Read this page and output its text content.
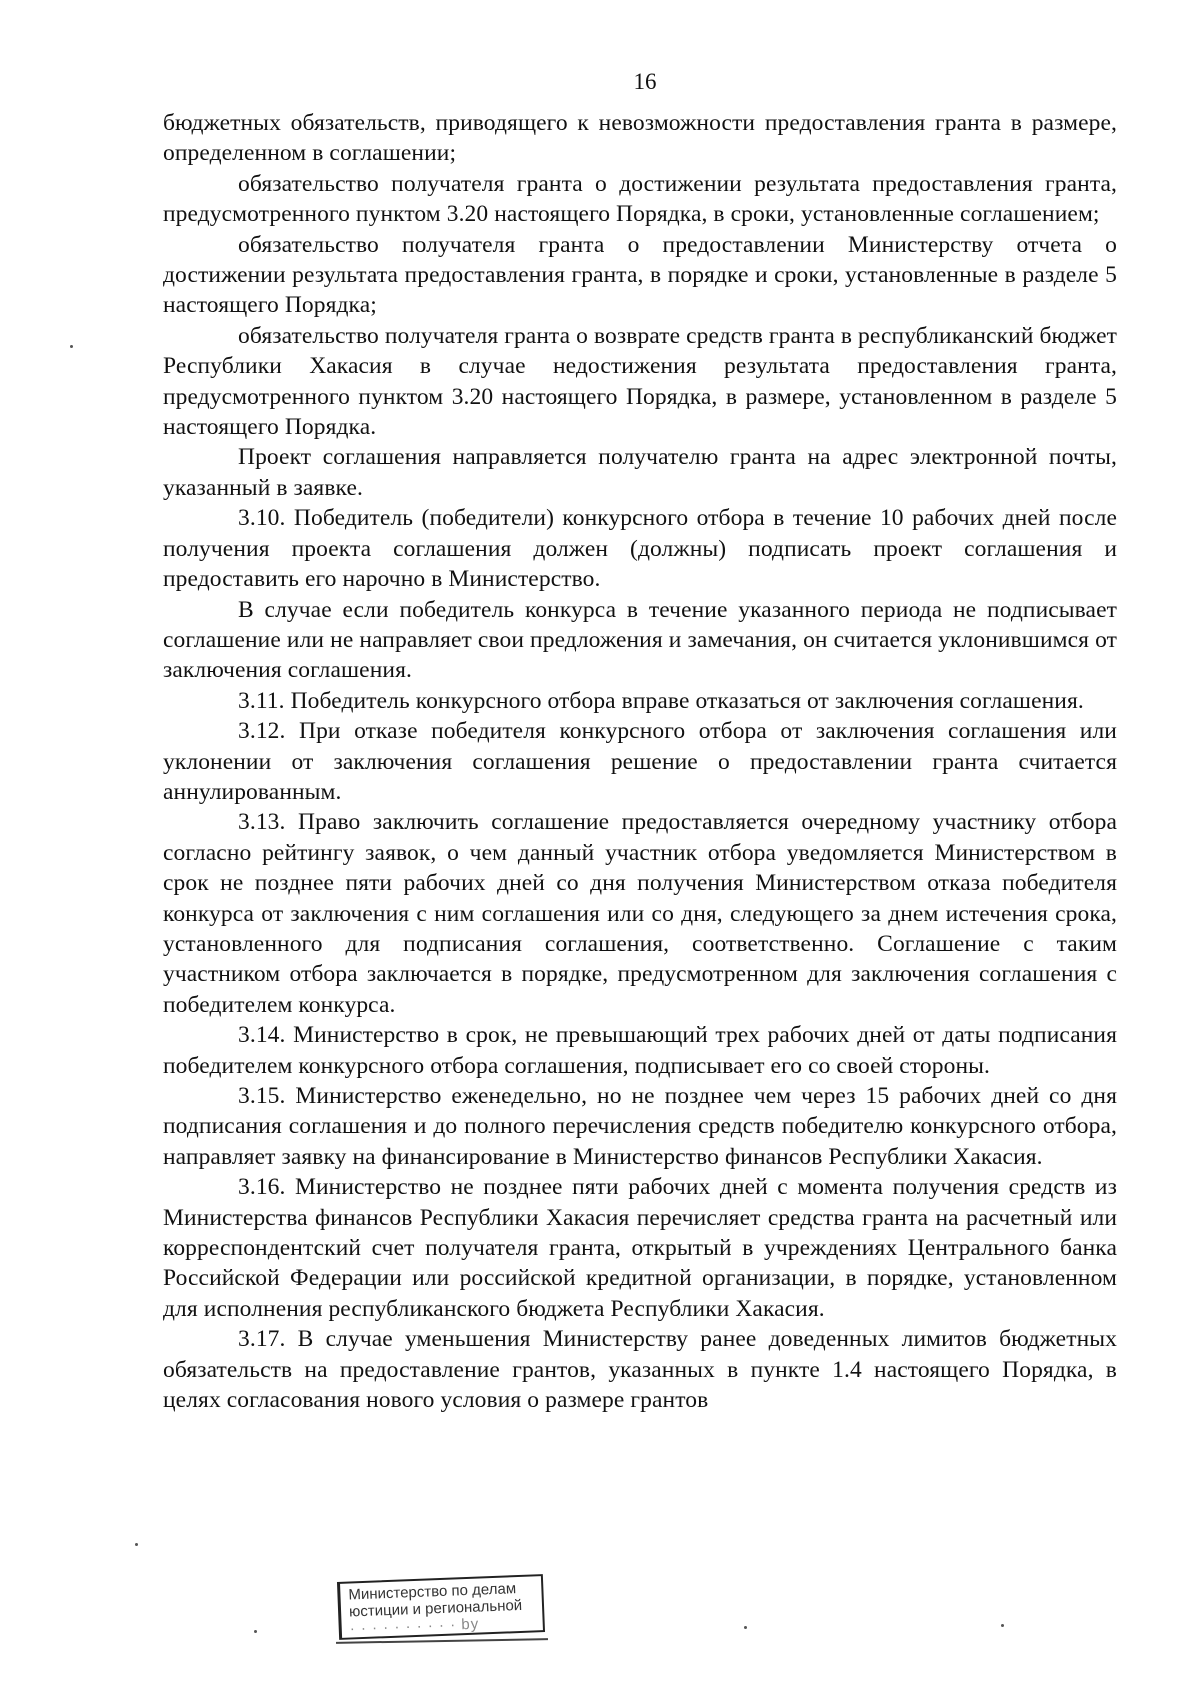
16

бюджетных обязательств, приводящего к невозможности предоставления гранта в размере, определенном в соглашении;

обязательство получателя гранта о достижении результата предоставления гранта, предусмотренного пунктом 3.20 настоящего Порядка, в сроки, установленные соглашением;

обязательство получателя гранта о предоставлении Министерству отчета о достижении результата предоставления гранта, в порядке и сроки, установленные в разделе 5 настоящего Порядка;

обязательство получателя гранта о возврате средств гранта в республиканский бюджет Республики Хакасия в случае недостижения результата предоставления гранта, предусмотренного пунктом 3.20 настоящего Порядка, в размере, установленном в разделе 5 настоящего Порядка.

Проект соглашения направляется получателю гранта на адрес электронной почты, указанный в заявке.

3.10. Победитель (победители) конкурсного отбора в течение 10 рабочих дней после получения проекта соглашения должен (должны) подписать проект соглашения и предоставить его нарочно в Министерство.

В случае если победитель конкурса в течение указанного периода не подписывает соглашение или не направляет свои предложения и замечания, он считается уклонившимся от заключения соглашения.

3.11. Победитель конкурсного отбора вправе отказаться от заключения соглашения.

3.12. При отказе победителя конкурсного отбора от заключения соглашения или уклонении от заключения соглашения решение о предоставлении гранта считается аннулированным.

3.13. Право заключить соглашение предоставляется очередному участнику отбора согласно рейтингу заявок, о чем данный участник отбора уведомляется Министерством в срок не позднее пяти рабочих дней со дня получения Министерством отказа победителя конкурса от заключения с ним соглашения или со дня, следующего за днем истечения срока, установленного для подписания соглашения, соответственно. Соглашение с таким участником отбора заключается в порядке, предусмотренном для заключения соглашения с победителем конкурса.

3.14. Министерство в срок, не превышающий трех рабочих дней от даты подписания победителем конкурсного отбора соглашения, подписывает его со своей стороны.

3.15. Министерство еженедельно, но не позднее чем через 15 рабочих дней со дня подписания соглашения и до полного перечисления средств победителю конкурсного отбора, направляет заявку на финансирование в Министерство финансов Республики Хакасия.

3.16. Министерство не позднее пяти рабочих дней с момента получения средств из Министерства финансов Республики Хакасия перечисляет средства гранта на расчетный или корреспондентский счет получателя гранта, открытый в учреждениях Центрального банка Российской Федерации или российской кредитной организации, в порядке, установленном для исполнения республиканского бюджета Республики Хакасия.

3.17. В случае уменьшения Министерству ранее доведенных лимитов бюджетных обязательств на предоставление грантов, указанных в пункте 1.4 настоящего Порядка, в целях согласования нового условия о размере грантов

Министерство по делам
юстиции и региональной
· · · · · · · · · · by
